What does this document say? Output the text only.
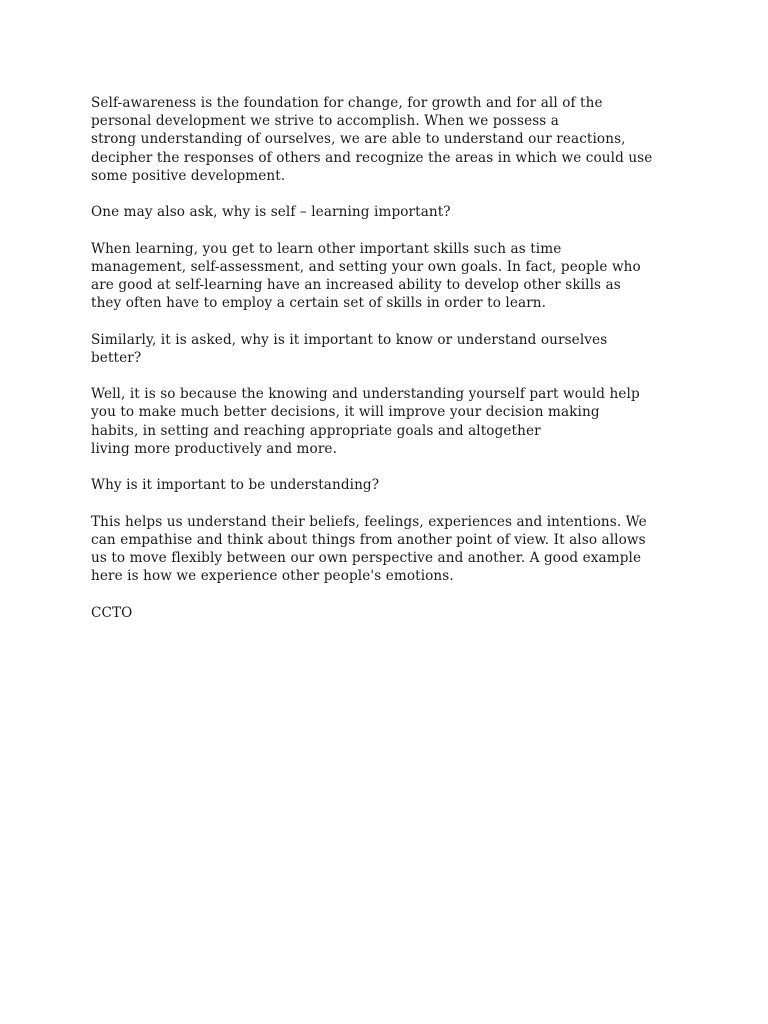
Self-awareness is the foundation for change, for growth and for all of the
personal development we strive to accomplish. When we possess a
strong understanding of ourselves, we are able to understand our reactions,
decipher the responses of others and recognize the areas in which we could use
some positive development.

One may also ask, why is self – learning important?

When learning, you get to learn other important skills such as time
management, self-assessment, and setting your own goals. In fact, people who
are good at self-learning have an increased ability to develop other skills as
they often have to employ a certain set of skills in order to learn.

Similarly, it is asked, why is it important to know or understand ourselves
better?

Well, it is so because the knowing and understanding yourself part would help
you to make much better decisions, it will improve your decision making
habits, in setting and reaching appropriate goals and altogether
living more productively and more.

Why is it important to be understanding?

This helps us understand their beliefs, feelings, experiences and intentions. We
can empathise and think about things from another point of view. It also allows
us to move flexibly between our own perspective and another. A good example
here is how we experience other people's emotions.

CCTO
